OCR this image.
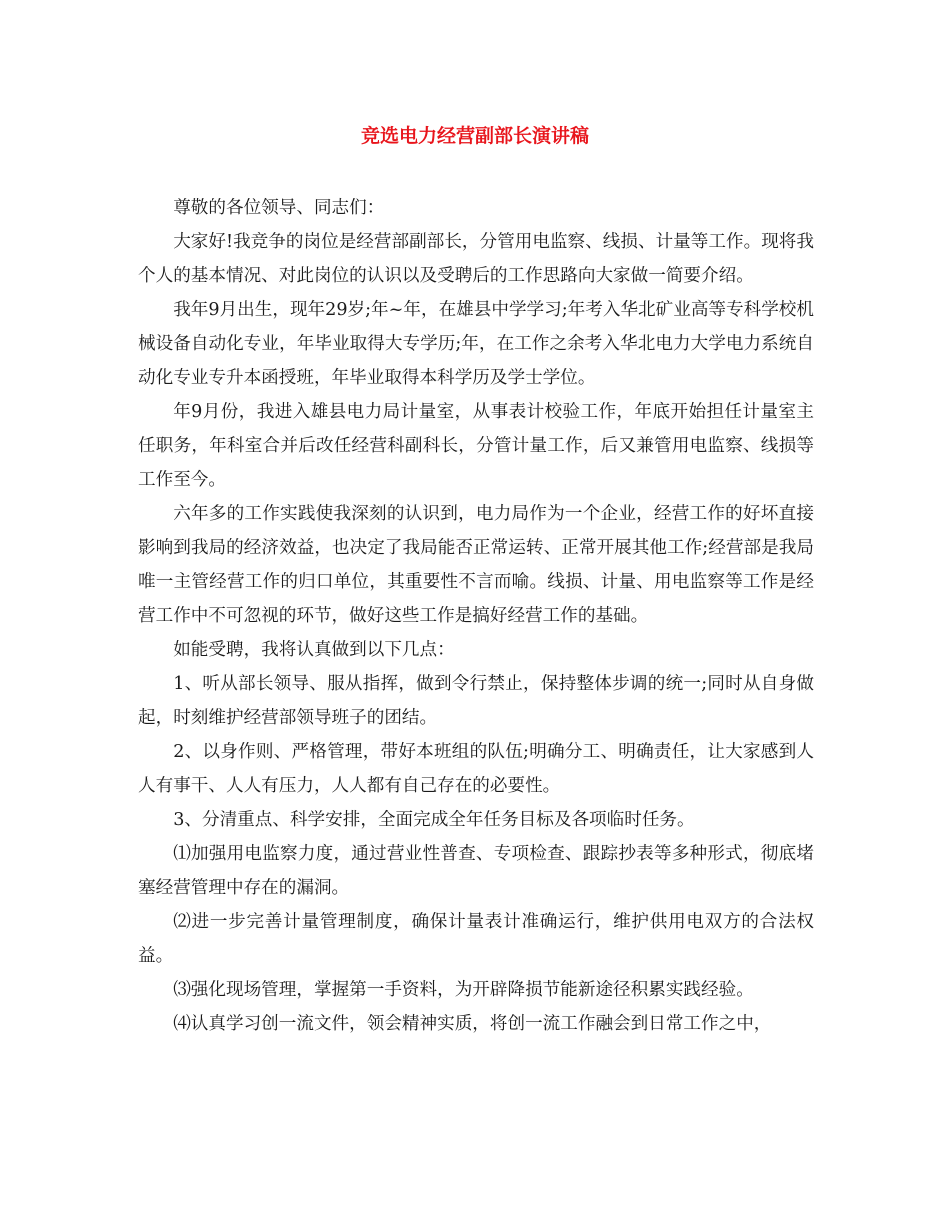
竞选电力经营副部长演讲稿

尊敬的各位领导、同志们：

大家好!我竞争的岗位是经营部副部长，分管用电监察、线损、计量等工作。现将我个人的基本情况、对此岗位的认识以及受聘后的工作思路向大家做一简要介绍。

我年9月出生，现年29岁;年~年，在雄县中学学习;年考入华北矿业高等专科学校机械设备自动化专业，年毕业取得大专学历;年，在工作之余考入华北电力大学电力系统自动化专业专升本函授班，年毕业取得本科学历及学士学位。

年9月份，我进入雄县电力局计量室，从事表计校验工作，年底开始担任计量室主任职务，年科室合并后改任经营科副科长，分管计量工作，后又兼管用电监察、线损等工作至今。

六年多的工作实践使我深刻的认识到，电力局作为一个企业，经营工作的好坏直接影响到我局的经济效益，也决定了我局能否正常运转、正常开展其他工作;经营部是我局唯一主管经营工作的归口单位，其重要性不言而喻。线损、计量、用电监察等工作是经营工作中不可忽视的环节，做好这些工作是搞好经营工作的基础。

如能受聘，我将认真做到以下几点：

1、听从部长领导、服从指挥，做到令行禁止，保持整体步调的统一;同时从自身做起，时刻维护经营部领导班子的团结。

2、以身作则、严格管理，带好本班组的队伍;明确分工、明确责任，让大家感到人人有事干、人人有压力，人人都有自己存在的必要性。

3、分清重点、科学安排，全面完成全年任务目标及各项临时任务。

⑴加强用电监察力度，通过营业性普查、专项检查、跟踪抄表等多种形式，彻底堵塞经营管理中存在的漏洞。

⑵进一步完善计量管理制度，确保计量表计准确运行，维护供用电双方的合法权益。

⑶强化现场管理，掌握第一手资料，为开辟降损节能新途径积累实践经验。

⑷认真学习创一流文件，领会精神实质，将创一流工作融会到日常工作之中，
